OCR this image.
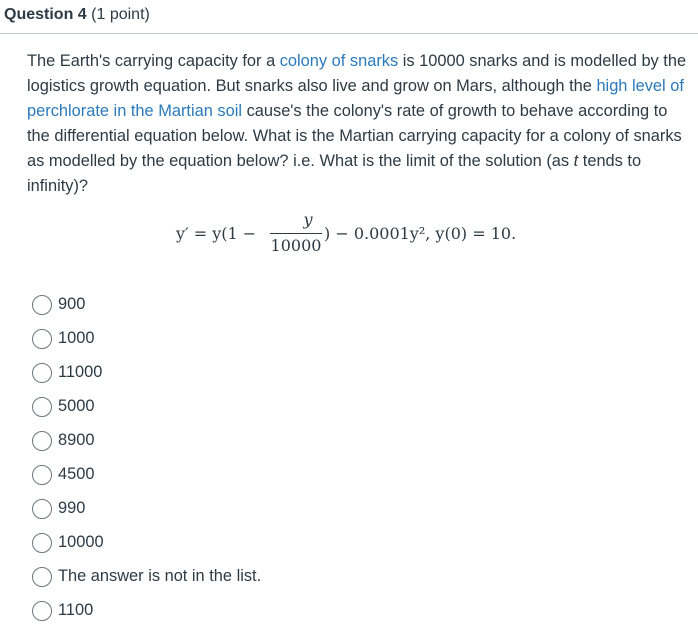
Question 4 (1 point)

The Earth's carrying capacity for a colony of snarks is 10000 snarks and is modelled by the logistics growth equation. But snarks also live and grow on Mars, although the high level of perchlorate in the Martian soil cause's the colony's rate of growth to behave according to the differential equation below. What is the Martian carrying capacity for a colony of snarks as modelled by the equation below? i.e. What is the limit of the solution (as t tends to infinity)?

y′ = y(1 −
y
10000
) − 0.0001y², y(0) = 10.
900
1000
11000
5000
8900
4500
990
10000
The answer is not in the list.
1100
